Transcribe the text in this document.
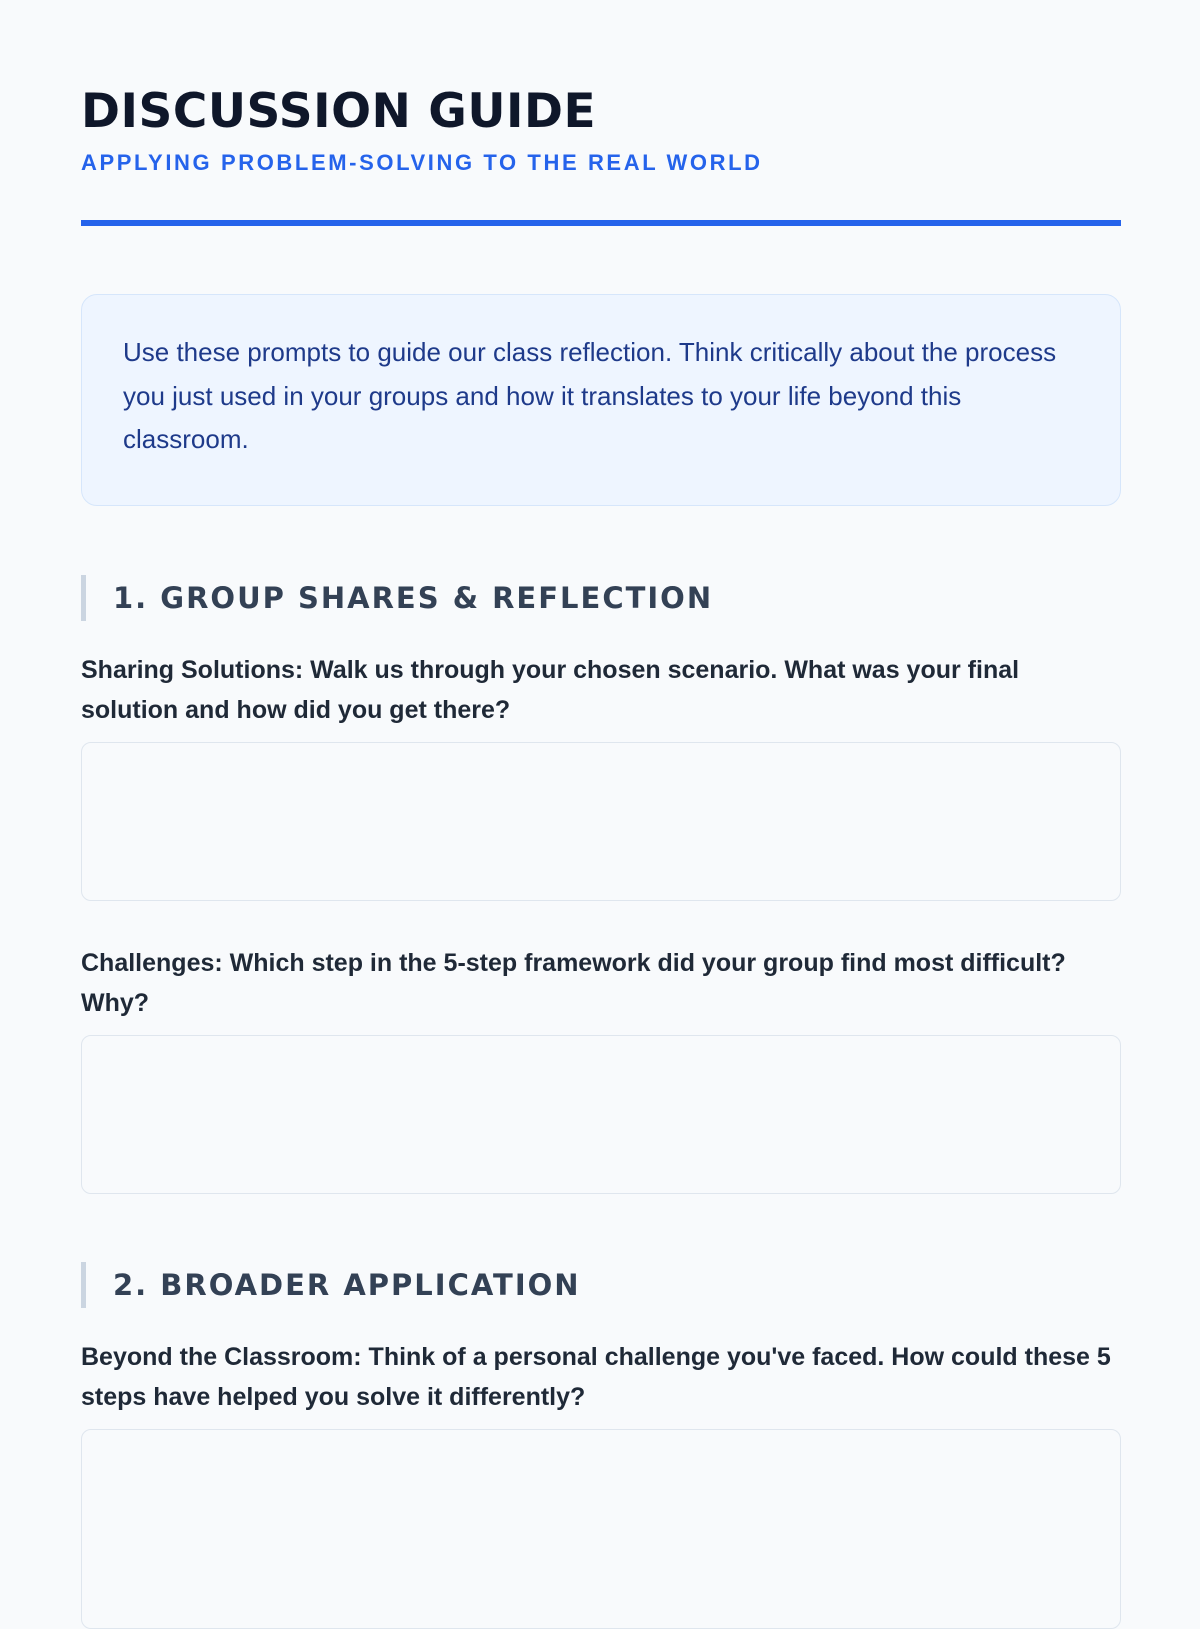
DISCUSSION GUIDE

APPLYING PROBLEM-SOLVING TO THE REAL WORLD

Use these prompts to guide our class reflection. Think critically about the process you just used in your groups and how it translates to your life beyond this classroom.

1. GROUP SHARES & REFLECTION

Sharing Solutions: Walk us through your chosen scenario. What was your final solution and how did you get there?

Challenges: Which step in the 5-step framework did your group find most difficult? Why?

2. BROADER APPLICATION

Beyond the Classroom: Think of a personal challenge you've faced. How could these 5 steps have helped you solve it differently?
